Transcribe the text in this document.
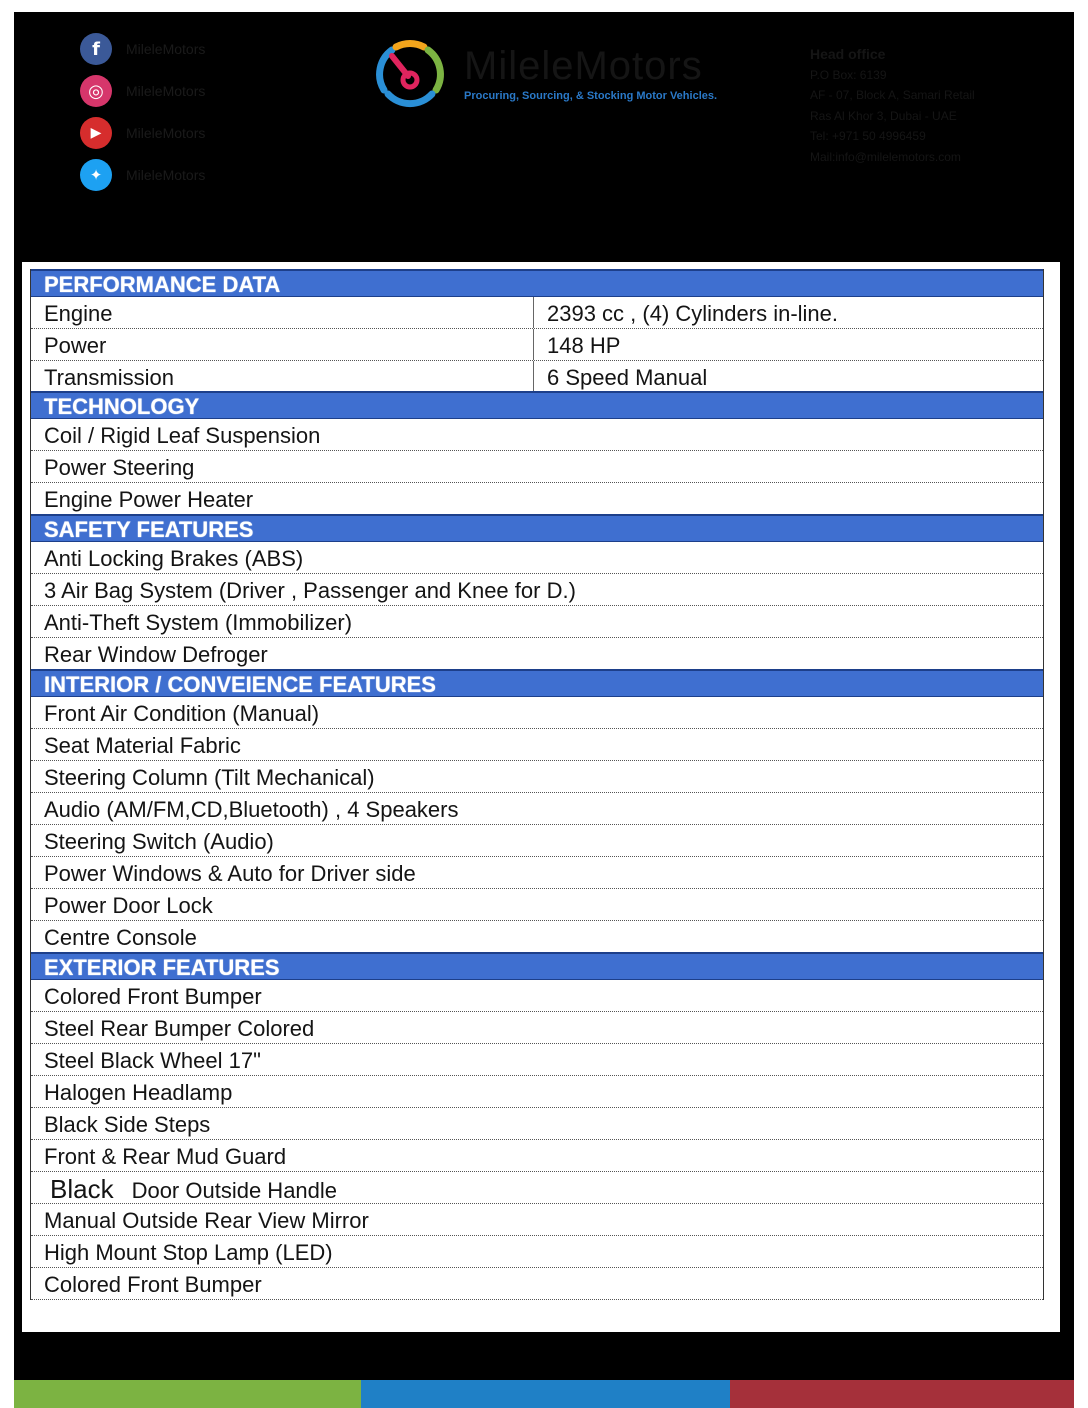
f	MileleMotors
◎	MileleMotors
▶	MileleMotors
✦	MileleMotors
MileleMotors
Procuring, Sourcing, & Stocking Motor Vehicles.
Head office
P.O Box: 6139
AF - 07, Block A, Samari Retail
Ras Al Khor 3, Dubai - UAE
Tel: +971 50 4996459
Mail:info@milelemotors.com
PERFORMANCE DATA
Engine	2393 cc , (4) Cylinders in-line.
Power	148 HP
Transmission	6 Speed Manual
TECHNOLOGY
Coil / Rigid Leaf Suspension
Power Steering
Engine Power Heater
SAFETY FEATURES
Anti Locking Brakes (ABS)
3 Air Bag System (Driver , Passenger and Knee for D.)
Anti-Theft System (Immobilizer)
Rear Window Defroger
INTERIOR / CONVEIENCE FEATURES
Front Air Condition (Manual)
Seat Material Fabric
Steering Column (Tilt Mechanical)
Audio (AM/FM,CD,Bluetooth) , 4 Speakers
Steering Switch (Audio)
Power Windows & Auto for Driver side
Power Door Lock
Centre Console
EXTERIOR FEATURES
Colored Front Bumper
Steel Rear Bumper Colored
Steel Black Wheel 17"
Halogen Headlamp
Black Side Steps
Front & Rear Mud Guard
Black Door Outside Handle
Manual Outside Rear View Mirror
High Mount Stop Lamp (LED)
Colored Front Bumper
